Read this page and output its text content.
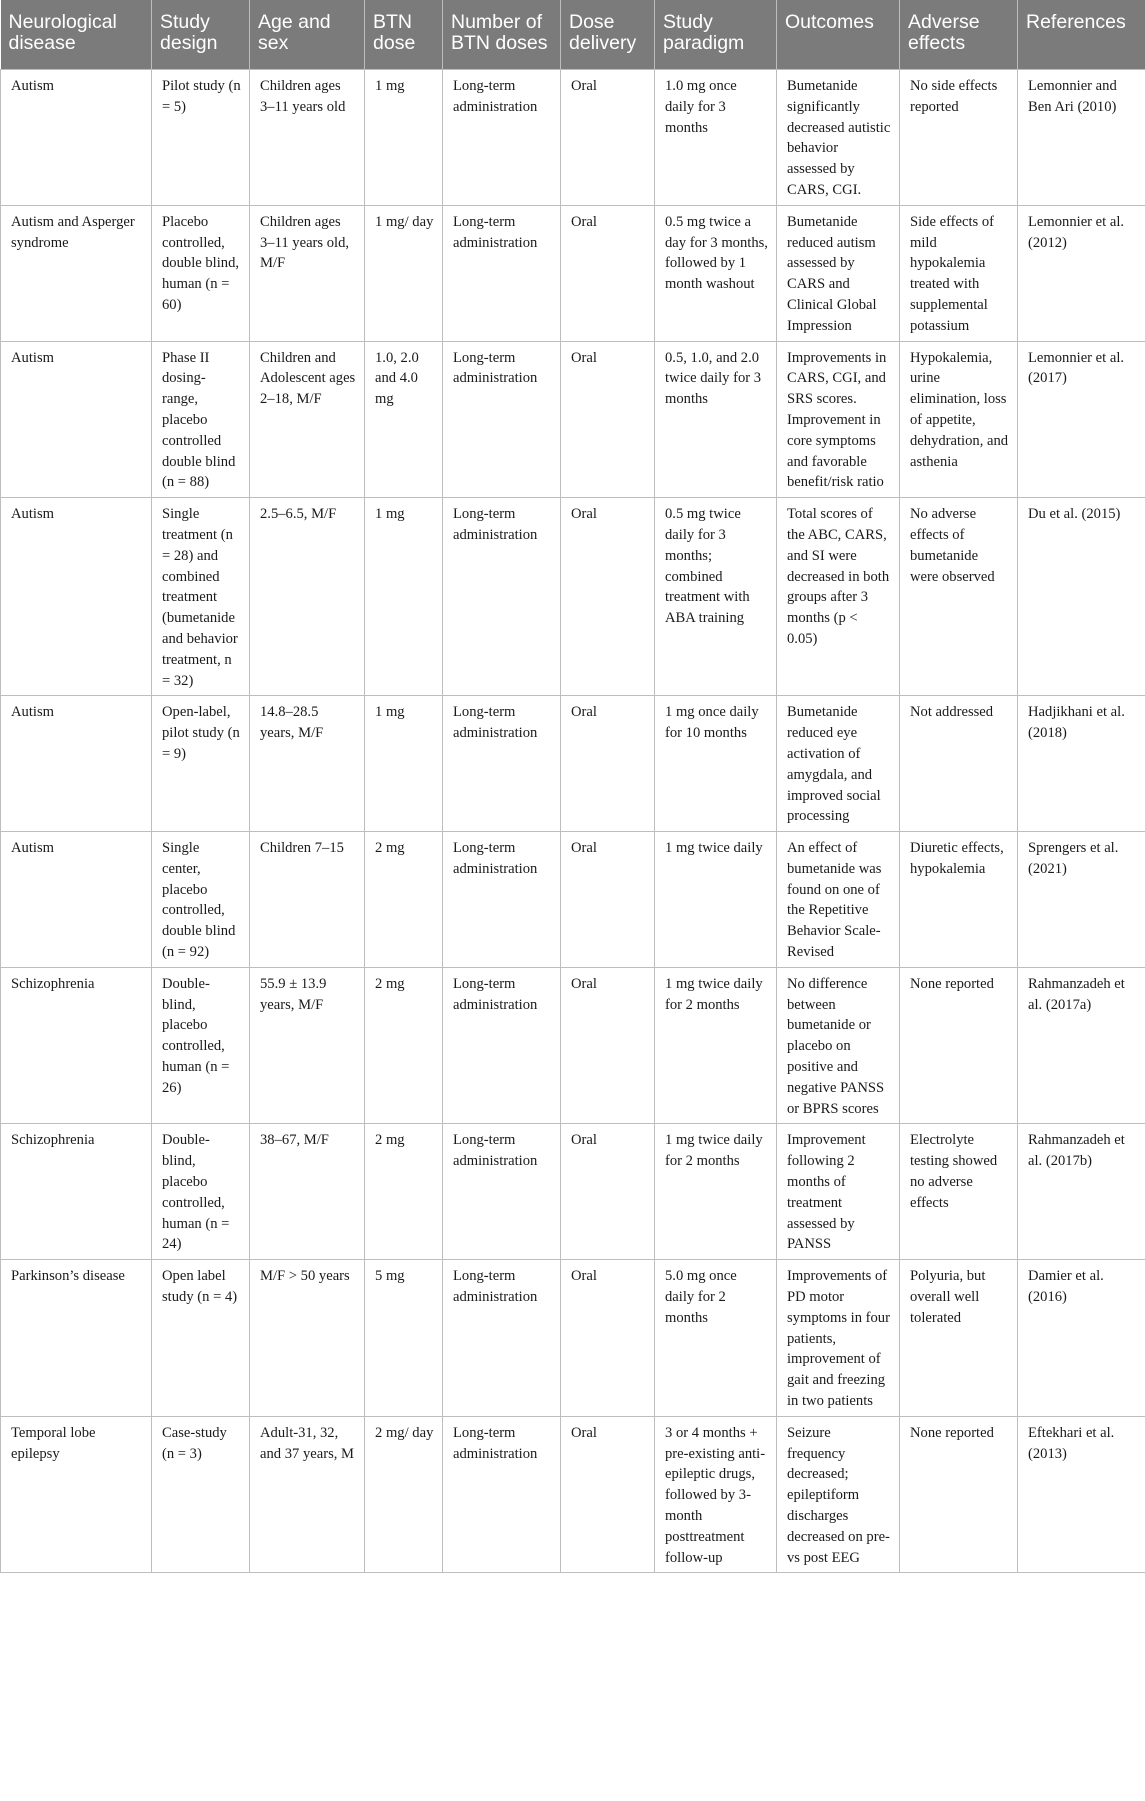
Neurological disease	Study design	Age and sex	BTN dose	Number of BTN doses	Dose delivery	Study paradigm	Outcomes	Adverse effects	References
Autism	Pilot study (n = 5)	Children ages 3–11 years old	1 mg	Long-term administration	Oral	1.0 mg once daily for 3 months	Bumetanide significantly decreased autistic behavior assessed by CARS, CGI.	No side effects reported	Lemonnier and Ben Ari (2010)
Autism and Asperger syndrome	Placebo controlled, double blind, human (n = 60)	Children ages 3–11 years old, M/F	1 mg/ day	Long-term administration	Oral	0.5 mg twice a day for 3 months, followed by 1 month washout	Bumetanide reduced autism assessed by CARS and Clinical Global Impression	Side effects of mild hypokalemia treated with supplemental potassium	Lemonnier et al. (2012)
Autism	Phase II dosing-range, placebo controlled double blind (n = 88)	Children and Adolescent ages 2–18, M/F	1.0, 2.0 and 4.0 mg	Long-term administration	Oral	0.5, 1.0, and 2.0 twice daily for 3 months	Improvements in CARS, CGI, and SRS scores. Improvement in core symptoms and favorable benefit/risk ratio	Hypokalemia, urine elimination, loss of appetite, dehydration, and asthenia	Lemonnier et al. (2017)
Autism	Single treatment (n = 28) and combined treatment (bumetanide and behavior treatment, n = 32)	2.5–6.5, M/F	1 mg	Long-term administration	Oral	0.5 mg twice daily for 3 months; combined treatment with ABA training	Total scores of the ABC, CARS, and SI were decreased in both groups after 3 months (p < 0.05)	No adverse effects of bumetanide were observed	Du et al. (2015)
Autism	Open-label, pilot study (n = 9)	14.8–28.5 years, M/F	1 mg	Long-term administration	Oral	1 mg once daily for 10 months	Bumetanide reduced eye activation of amygdala, and improved social processing	Not addressed	Hadjikhani et al. (2018)
Autism	Single center, placebo controlled, double blind (n = 92)	Children 7–15	2 mg	Long-term administration	Oral	1 mg twice daily	An effect of bumetanide was found on one of the Repetitive Behavior Scale-Revised	Diuretic effects, hypokalemia	Sprengers et al. (2021)
Schizophrenia	Double-blind, placebo controlled, human (n = 26)	55.9 ± 13.9 years, M/F	2 mg	Long-term administration	Oral	1 mg twice daily for 2 months	No difference between bumetanide or placebo on positive and negative PANSS or BPRS scores	None reported	Rahmanzadeh et al. (2017a)
Schizophrenia	Double-blind, placebo controlled, human (n = 24)	38–67, M/F	2 mg	Long-term administration	Oral	1 mg twice daily for 2 months	Improvement following 2 months of treatment assessed by PANSS	Electrolyte testing showed no adverse effects	Rahmanzadeh et al. (2017b)
Parkinson’s disease	Open label study (n = 4)	M/F > 50 years	5 mg	Long-term administration	Oral	5.0 mg once daily for 2 months	Improvements of PD motor symptoms in four patients, improvement of gait and freezing in two patients	Polyuria, but overall well tolerated	Damier et al. (2016)
Temporal lobe epilepsy	Case-study (n = 3)	Adult-31, 32, and 37 years, M	2 mg/ day	Long-term administration	Oral	3 or 4 months + pre-existing anti-epileptic drugs, followed by 3-month posttreatment follow-up	Seizure frequency decreased; epileptiform discharges decreased on pre- vs post EEG	None reported	Eftekhari et al. (2013)
